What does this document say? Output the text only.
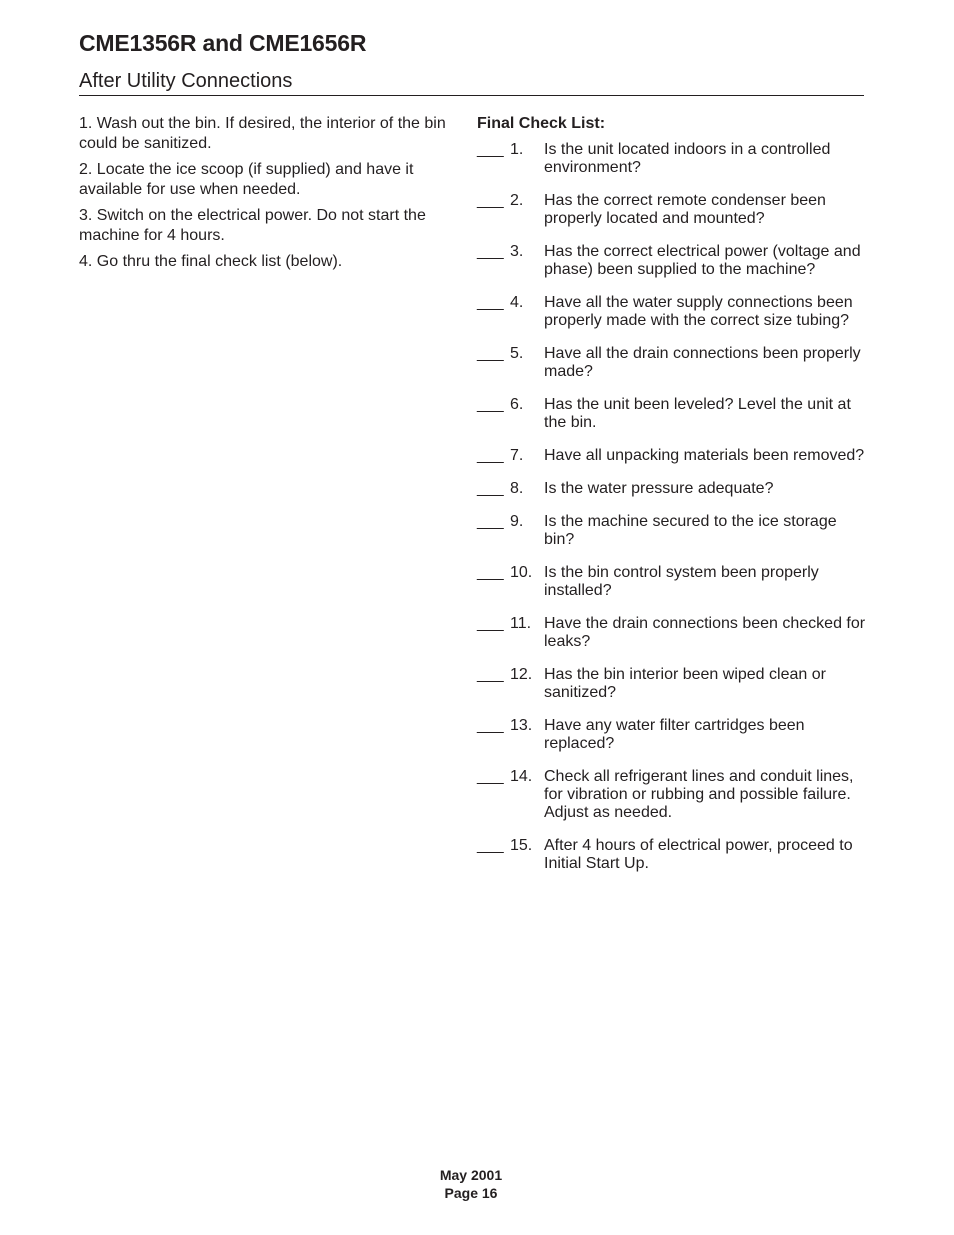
CME1356R and CME1656R
After Utility Connections

1. Wash out the bin. If desired, the interior of the bin could be sanitized.

2. Locate the ice scoop (if supplied) and have it available for use when needed.

3. Switch on the electrical power. Do not start the machine for 4 hours.

4. Go thru the final check list (below).

Final Check List:
___ 1.	Is the unit located indoors in a controlled environment?
___ 2.	Has the correct remote condenser been properly located and mounted?
___ 3.	Has the correct electrical power (voltage and phase) been supplied to the machine?
___ 4.	Have all the water supply connections been properly made with the correct size tubing?
___ 5.	Have all the drain connections been properly made?
___ 6.	Has the unit been leveled? Level the unit at the bin.
___ 7.	Have all unpacking materials been removed?
___ 8.	Is the water pressure adequate?
___ 9.	Is the machine secured to the ice storage bin?
___ 10. Is the bin control system been properly installed?
___ 11. Have the drain connections been checked for leaks?
___ 12. Has the bin interior been wiped clean or sanitized?
___ 13. Have any water filter cartridges been replaced?
___ 14. Check all refrigerant lines and conduit lines, for vibration or rubbing and possible failure. Adjust as needed.
___ 15. After 4 hours of electrical power, proceed to Initial Start Up.
May 2001
Page 16
